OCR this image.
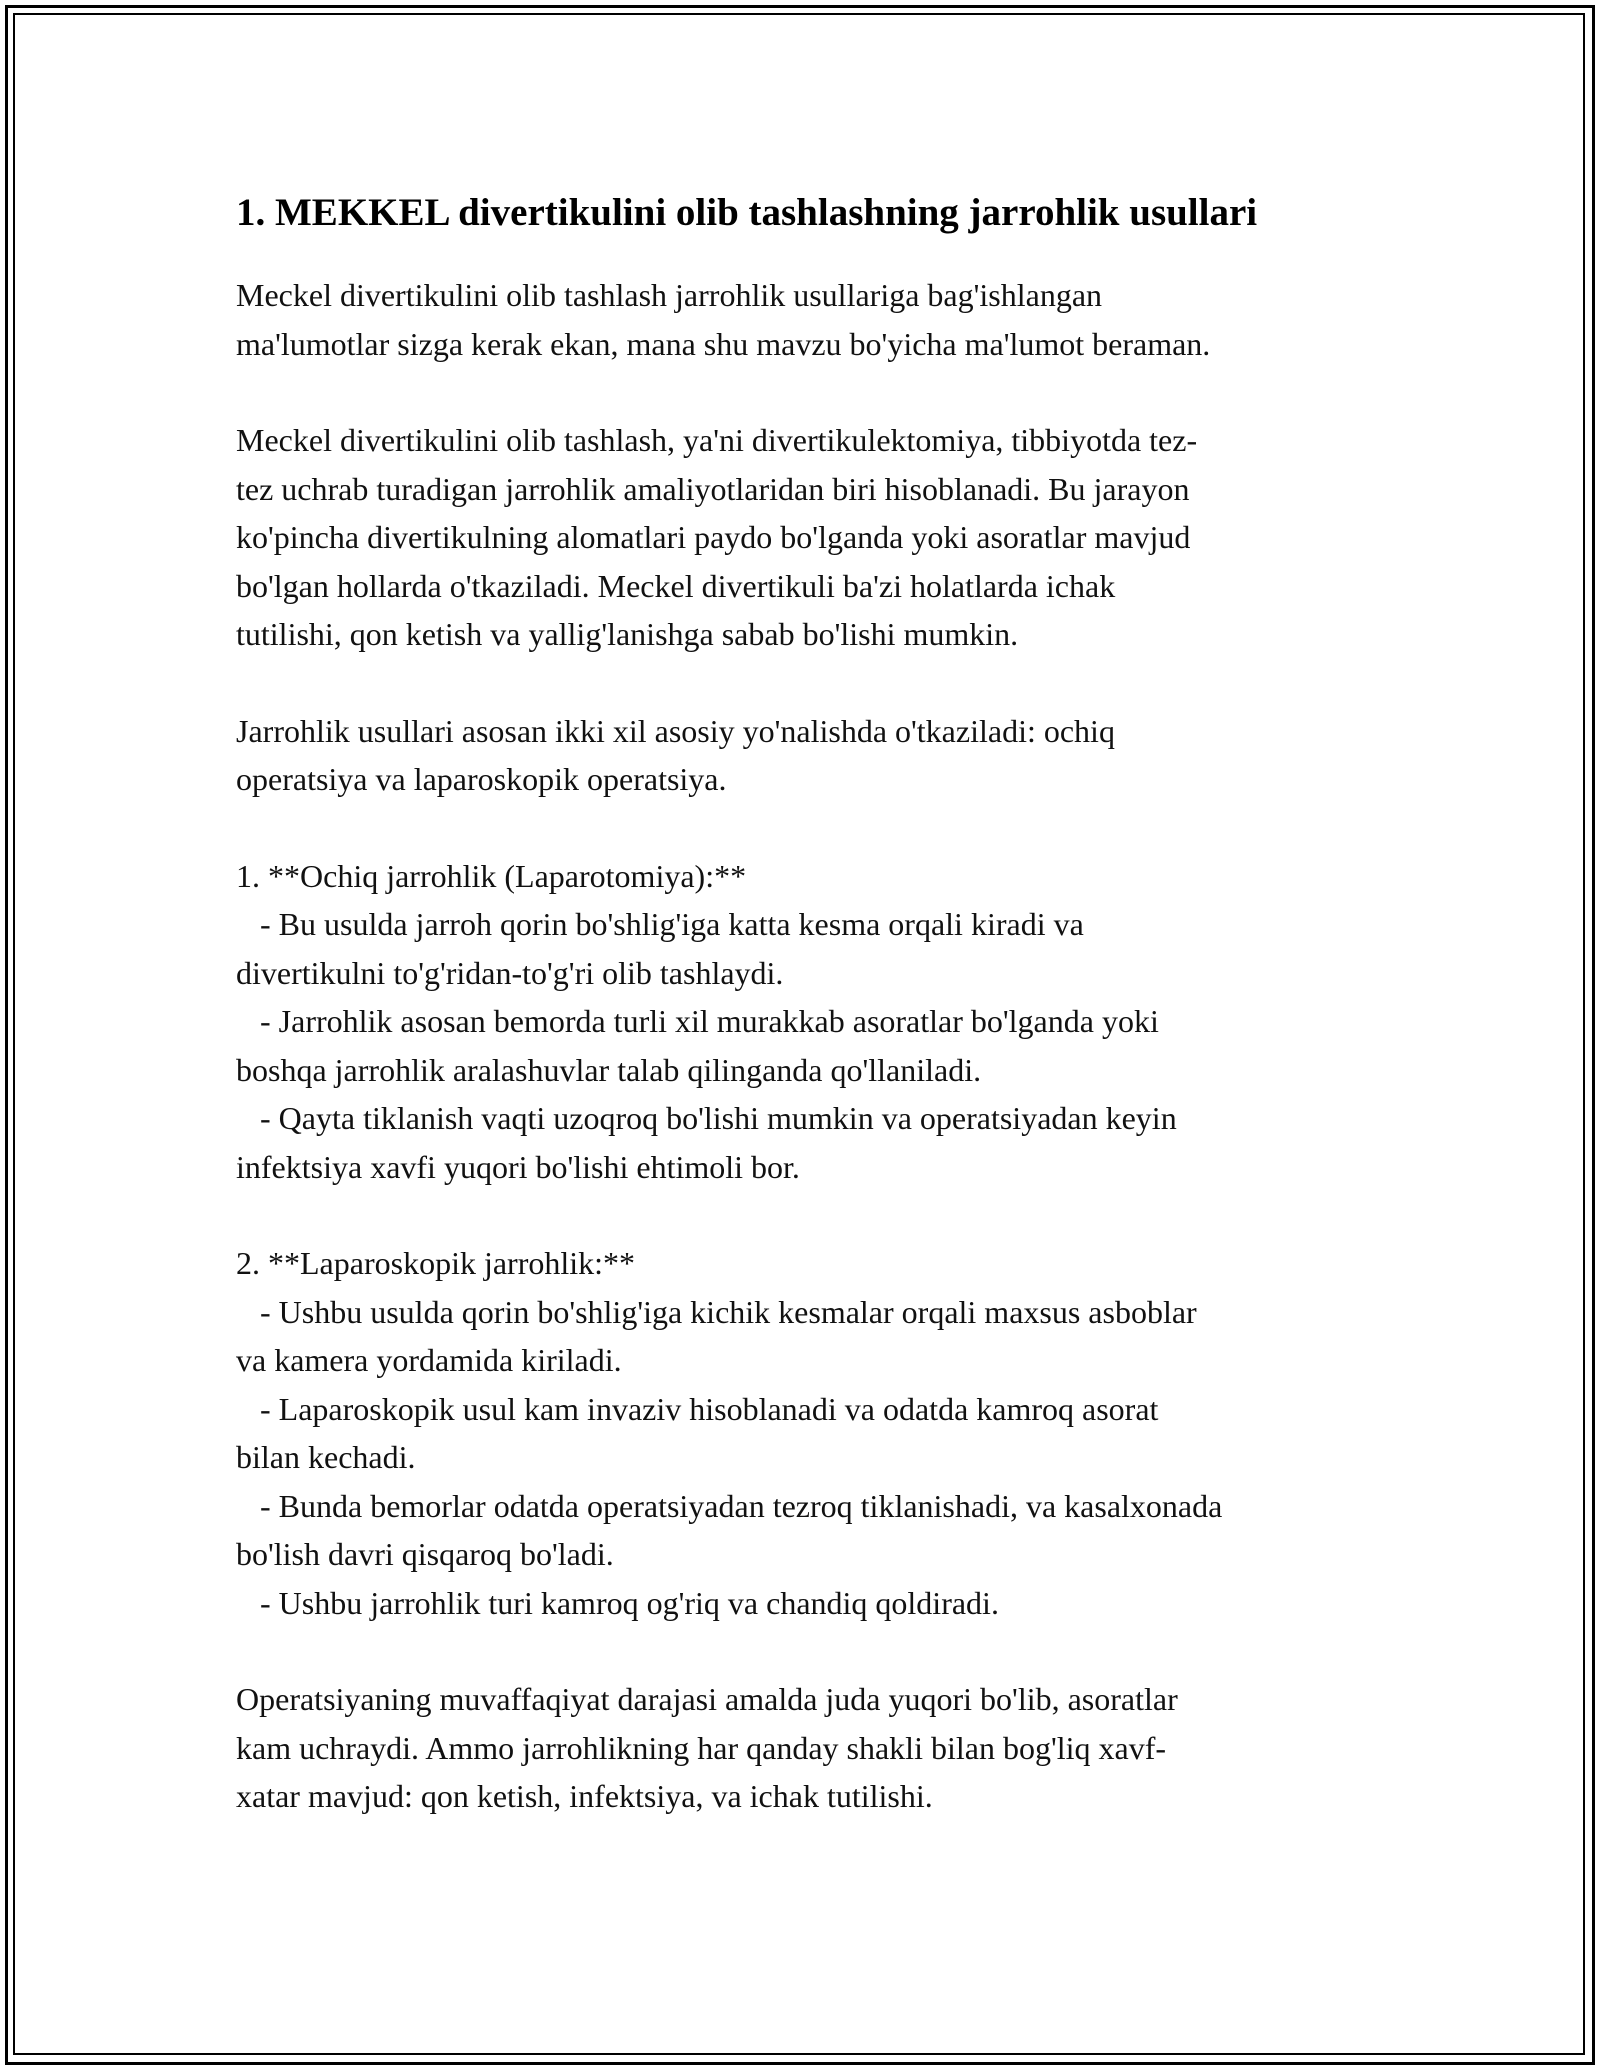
1. MEKKEL divertikulini olib tashlashning jarrohlik usullari
Meckel divertikulini olib tashlash jarrohlik usullariga bag'ishlangan
ma'lumotlar sizga kerak ekan, mana shu mavzu bo'yicha ma'lumot beraman.
Meckel divertikulini olib tashlash, ya'ni divertikulektomiya, tibbiyotda tez-
tez uchrab turadigan jarrohlik amaliyotlaridan biri hisoblanadi. Bu jarayon
ko'pincha divertikulning alomatlari paydo bo'lganda yoki asoratlar mavjud
bo'lgan hollarda o'tkaziladi. Meckel divertikuli ba'zi holatlarda ichak
tutilishi, qon ketish va yallig'lanishga sabab bo'lishi mumkin.
Jarrohlik usullari asosan ikki xil asosiy yo'nalishda o'tkaziladi: ochiq
operatsiya va laparoskopik operatsiya.
1. **Ochiq jarrohlik (Laparotomiya):**
- Bu usulda jarroh qorin bo'shlig'iga katta kesma orqali kiradi va
divertikulni to'g'ridan-to'g'ri olib tashlaydi.
- Jarrohlik asosan bemorda turli xil murakkab asoratlar bo'lganda yoki
boshqa jarrohlik aralashuvlar talab qilinganda qo'llaniladi.
- Qayta tiklanish vaqti uzoqroq bo'lishi mumkin va operatsiyadan keyin
infektsiya xavfi yuqori bo'lishi ehtimoli bor.
2. **Laparoskopik jarrohlik:**
- Ushbu usulda qorin bo'shlig'iga kichik kesmalar orqali maxsus asboblar
va kamera yordamida kiriladi.
- Laparoskopik usul kam invaziv hisoblanadi va odatda kamroq asorat
bilan kechadi.
- Bunda bemorlar odatda operatsiyadan tezroq tiklanishadi, va kasalxonada
bo'lish davri qisqaroq bo'ladi.
- Ushbu jarrohlik turi kamroq og'riq va chandiq qoldiradi.
Operatsiyaning muvaffaqiyat darajasi amalda juda yuqori bo'lib, asoratlar
kam uchraydi. Ammo jarrohlikning har qanday shakli bilan bog'liq xavf-
xatar mavjud: qon ketish, infektsiya, va ichak tutilishi.
